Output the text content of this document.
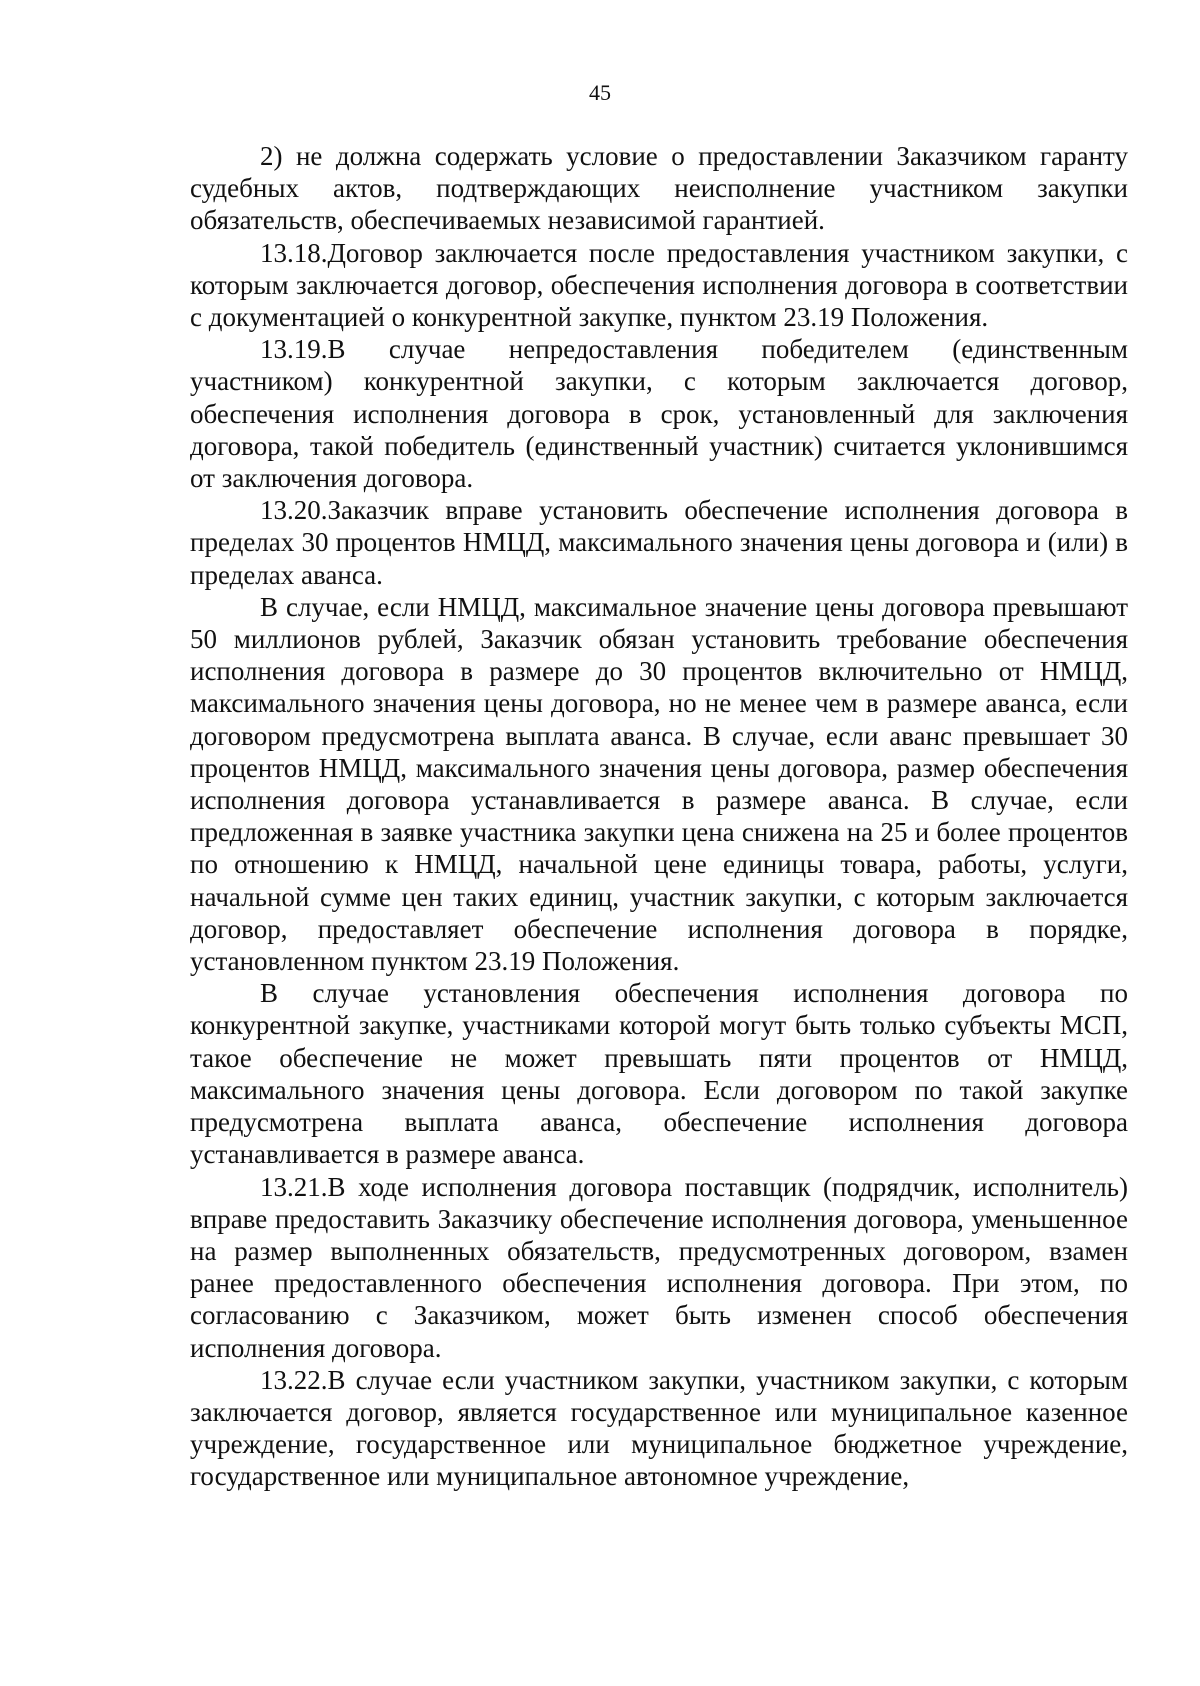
45

2) не должна содержать условие о предоставлении Заказчиком гаранту судебных актов, подтверждающих неисполнение участником закупки обязательств, обеспечиваемых независимой гарантией.

13.18.Договор заключается после предоставления участником закупки, с которым заключается договор, обеспечения исполнения договора в соответствии с документацией о конкурентной закупке, пунктом 23.19 Положения.

13.19.В случае непредоставления победителем (единственным участником) конкурентной закупки, с которым заключается договор, обеспечения исполнения договора в срок, установленный для заключения договора, такой победитель (единственный участник) считается уклонившимся от заключения договора.

13.20.Заказчик вправе установить обеспечение исполнения договора в пределах 30 процентов НМЦД, максимального значения цены договора и (или) в пределах аванса.

В случае, если НМЦД, максимальное значение цены договора превышают 50 миллионов рублей, Заказчик обязан установить требование обеспечения исполнения договора в размере до 30 процентов включительно от НМЦД, максимального значения цены договора, но не менее чем в размере аванса, если договором предусмотрена выплата аванса. В случае, если аванс превышает 30 процентов НМЦД, максимального значения цены договора, размер обеспечения исполнения договора устанавливается в размере аванса. В случае, если предложенная в заявке участника закупки цена снижена на 25 и более процентов по отношению к НМЦД, начальной цене единицы товара, работы, услуги, начальной сумме цен таких единиц, участник закупки, с которым заключается договор, предоставляет обеспечение исполнения договора в порядке, установленном пунктом 23.19 Положения.

В случае установления обеспечения исполнения договора по конкурентной закупке, участниками которой могут быть только субъекты МСП, такое обеспечение не может превышать пяти процентов от НМЦД, максимального значения цены договора. Если договором по такой закупке предусмотрена выплата аванса, обеспечение исполнения договора устанавливается в размере аванса.

13.21.В ходе исполнения договора поставщик (подрядчик, исполнитель) вправе предоставить Заказчику обеспечение исполнения договора, уменьшенное на размер выполненных обязательств, предусмотренных договором, взамен ранее предоставленного обеспечения исполнения договора. При этом, по согласованию с Заказчиком, может быть изменен способ обеспечения исполнения договора.

13.22.В случае если участником закупки, участником закупки, с которым заключается договор, является государственное или муниципальное казенное учреждение, государственное или муниципальное бюджетное учреждение, государственное или муниципальное автономное учреждение,
